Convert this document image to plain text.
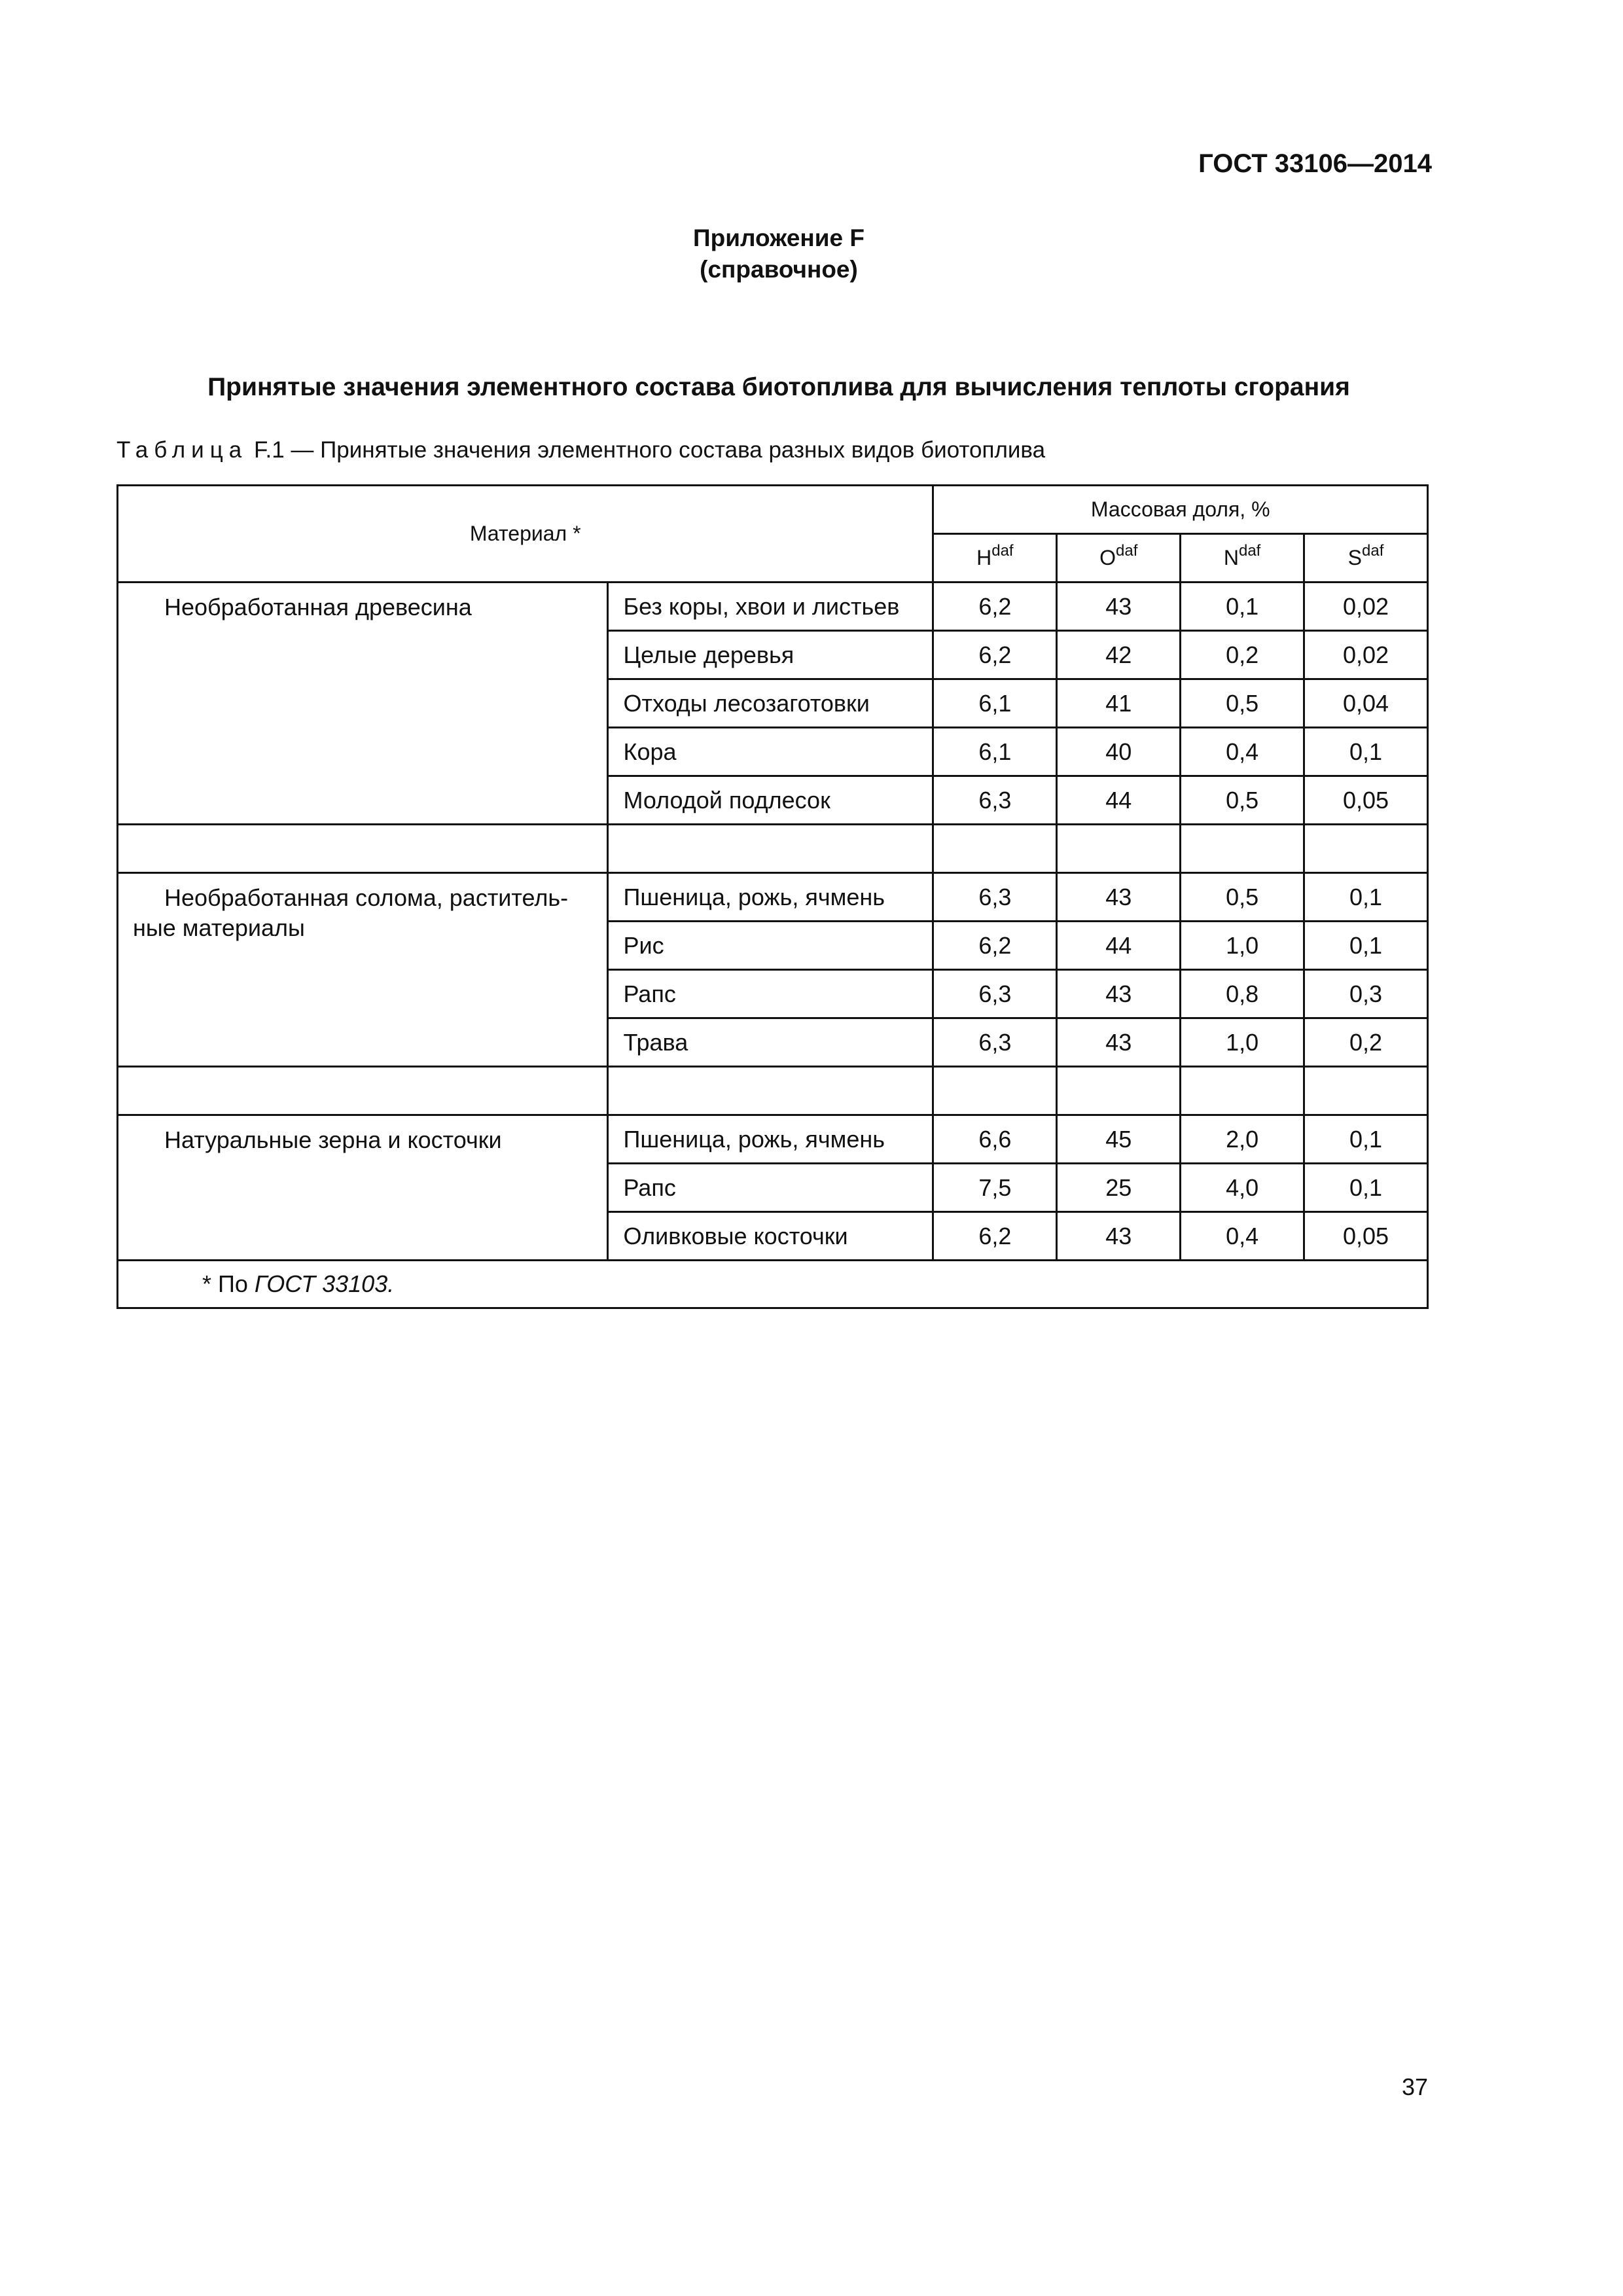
ГОСТ 33106—2014
Приложение F
(справочное)
Принятые значения элементного состава биотоплива для вычисления теплоты сгорания
Таблица F.1 — Принятые значения элементного состава разных видов биотоплива
Материал *		Массовая доля, %			
		$H^{daf}$	$O^{daf}$	$N^{daf}$	$S^{daf}$
Необработанная древесина	Без коры, хвои и листьев	6,2	43	0,1	0,02
	Целые деревья	6,2	42	0,2	0,02
	Отходы лесозаготовки	6,1	41	0,5	0,04
	Кора	6,1	40	0,4	0,1
	Молодой подлесок	6,3	44	0,5	0,05

Необработанная солома, раститель-
ные материалы	Пшеница, рожь, ячмень	6,3	43	0,5	0,1
	Рис	6,2	44	1,0	0,1
	Рапс	6,3	43	0,8	0,3
	Трава	6,3	43	1,0	0,2

Натуральные зерна и косточки	Пшеница, рожь, ячмень	6,6	45	2,0	0,1
	Рапс	7,5	25	4,0	0,1
	Оливковые косточки	6,2	43	0,4	0,05
* По ГОСТ 33103.					
37
